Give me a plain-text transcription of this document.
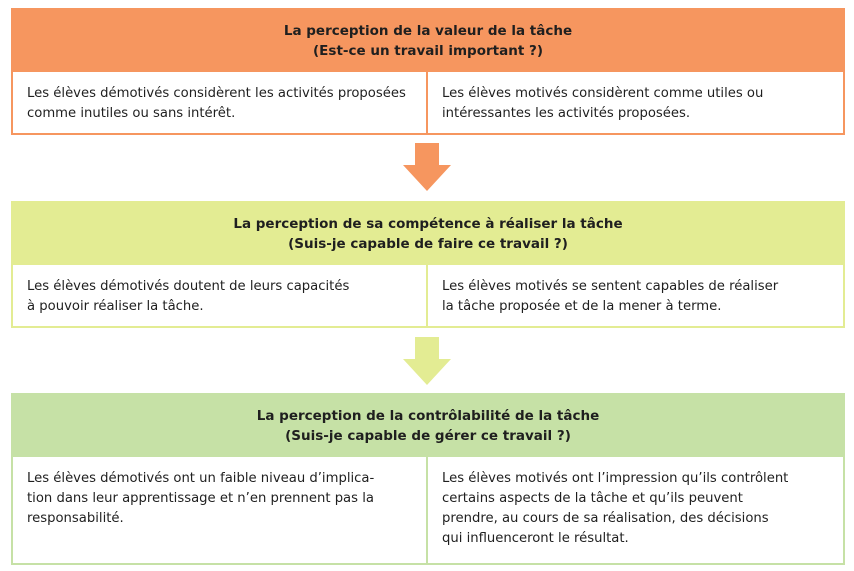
La perception de la valeur de la tâche
(Est-ce un travail important ?)
Les élèves démotivés considèrent les activités proposées
comme inutiles ou sans intérêt.
Les élèves motivés considèrent comme utiles ou
intéressantes les activités proposées.
La perception de sa compétence à réaliser la tâche
(Suis-je capable de faire ce travail ?)
Les élèves démotivés doutent de leurs capacités
à pouvoir réaliser la tâche.
Les élèves motivés se sentent capables de réaliser
la tâche proposée et de la mener à terme.
La perception de la contrôlabilité de la tâche
(Suis-je capable de gérer ce travail ?)
Les élèves démotivés ont un faible niveau d’implica-
tion dans leur apprentissage et n’en prennent pas la
responsabilité.
Les élèves motivés ont l’impression qu’ils contrôlent
certains aspects de la tâche et qu’ils peuvent
prendre, au cours de sa réalisation, des décisions
qui influenceront le résultat.
